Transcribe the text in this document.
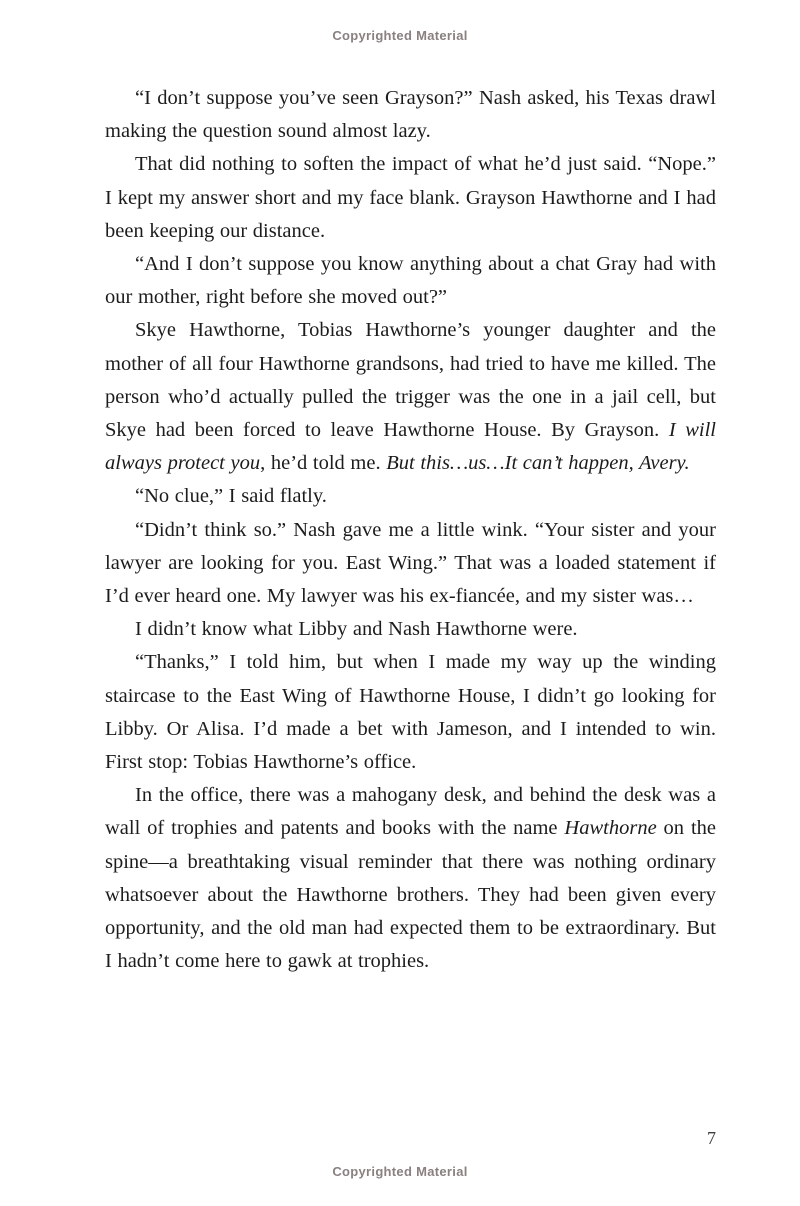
Copyrighted Material

“I don’t suppose you’ve seen Grayson?” Nash asked, his Texas drawl making the question sound almost lazy.

That did nothing to soften the impact of what he’d just said. “Nope.” I kept my answer short and my face blank. Grayson Hawthorne and I had been keeping our distance.

“And I don’t suppose you know anything about a chat Gray had with our mother, right before she moved out?”

Skye Hawthorne, Tobias Hawthorne’s younger daughter and the mother of all four Hawthorne grandsons, had tried to have me killed. The person who’d actually pulled the trigger was the one in a jail cell, but Skye had been forced to leave Hawthorne House. By Grayson. I will always protect you, he’d told me. But this…us…It can’t happen, Avery.

“No clue,” I said flatly.

“Didn’t think so.” Nash gave me a little wink. “Your sister and your lawyer are looking for you. East Wing.” That was a loaded statement if I’d ever heard one. My lawyer was his ex-fiancée, and my sister was…

I didn’t know what Libby and Nash Hawthorne were.

“Thanks,” I told him, but when I made my way up the winding staircase to the East Wing of Hawthorne House, I didn’t go looking for Libby. Or Alisa. I’d made a bet with Jameson, and I intended to win. First stop: Tobias Hawthorne’s office.

In the office, there was a mahogany desk, and behind the desk was a wall of trophies and patents and books with the name Hawthorne on the spine—a breathtaking visual reminder that there was nothing ordinary whatsoever about the Hawthorne brothers. They had been given every opportunity, and the old man had expected them to be extraordinary. But I hadn’t come here to gawk at trophies.

7
Copyrighted Material
